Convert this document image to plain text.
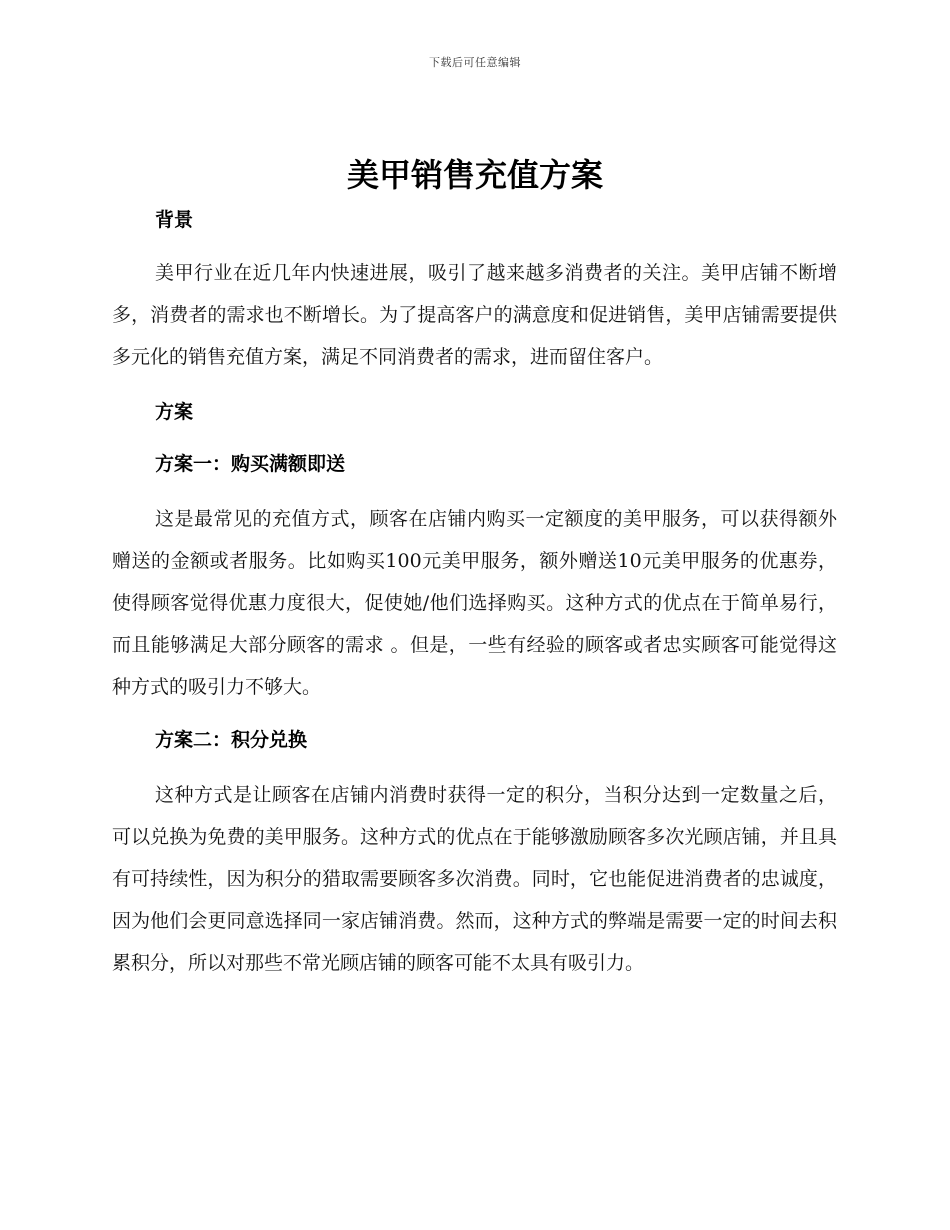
下载后可任意编辑
美甲销售充值方案
背景

美甲行业在近几年内快速进展，吸引了越来越多消费者的关注。美甲店铺不断增多，消费者的需求也不断增长。为了提高客户的满意度和促进销售，美甲店铺需要提供多元化的销售充值方案，满足不同消费者的需求，进而留住客户。

方案
方案一：购买满额即送

这是最常见的充值方式，顾客在店铺内购买一定额度的美甲服务，可以获得额外赠送的金额或者服务。比如购买100元美甲服务，额外赠送10元美甲服务的优惠券，使得顾客觉得优惠力度很大，促使她/他们选择购买。这种方式的优点在于简单易行，而且能够满足大部分顾客的需求 。但是，一些有经验的顾客或者忠实顾客可能觉得这种方式的吸引力不够大。

方案二：积分兑换

这种方式是让顾客在店铺内消费时获得一定的积分，当积分达到一定数量之后，可以兑换为免费的美甲服务。这种方式的优点在于能够激励顾客多次光顾店铺，并且具有可持续性，因为积分的猎取需要顾客多次消费。同时，它也能促进消费者的忠诚度，因为他们会更同意选择同一家店铺消费。然而，这种方式的弊端是需要一定的时间去积累积分，所以对那些不常光顾店铺的顾客可能不太具有吸引力。
